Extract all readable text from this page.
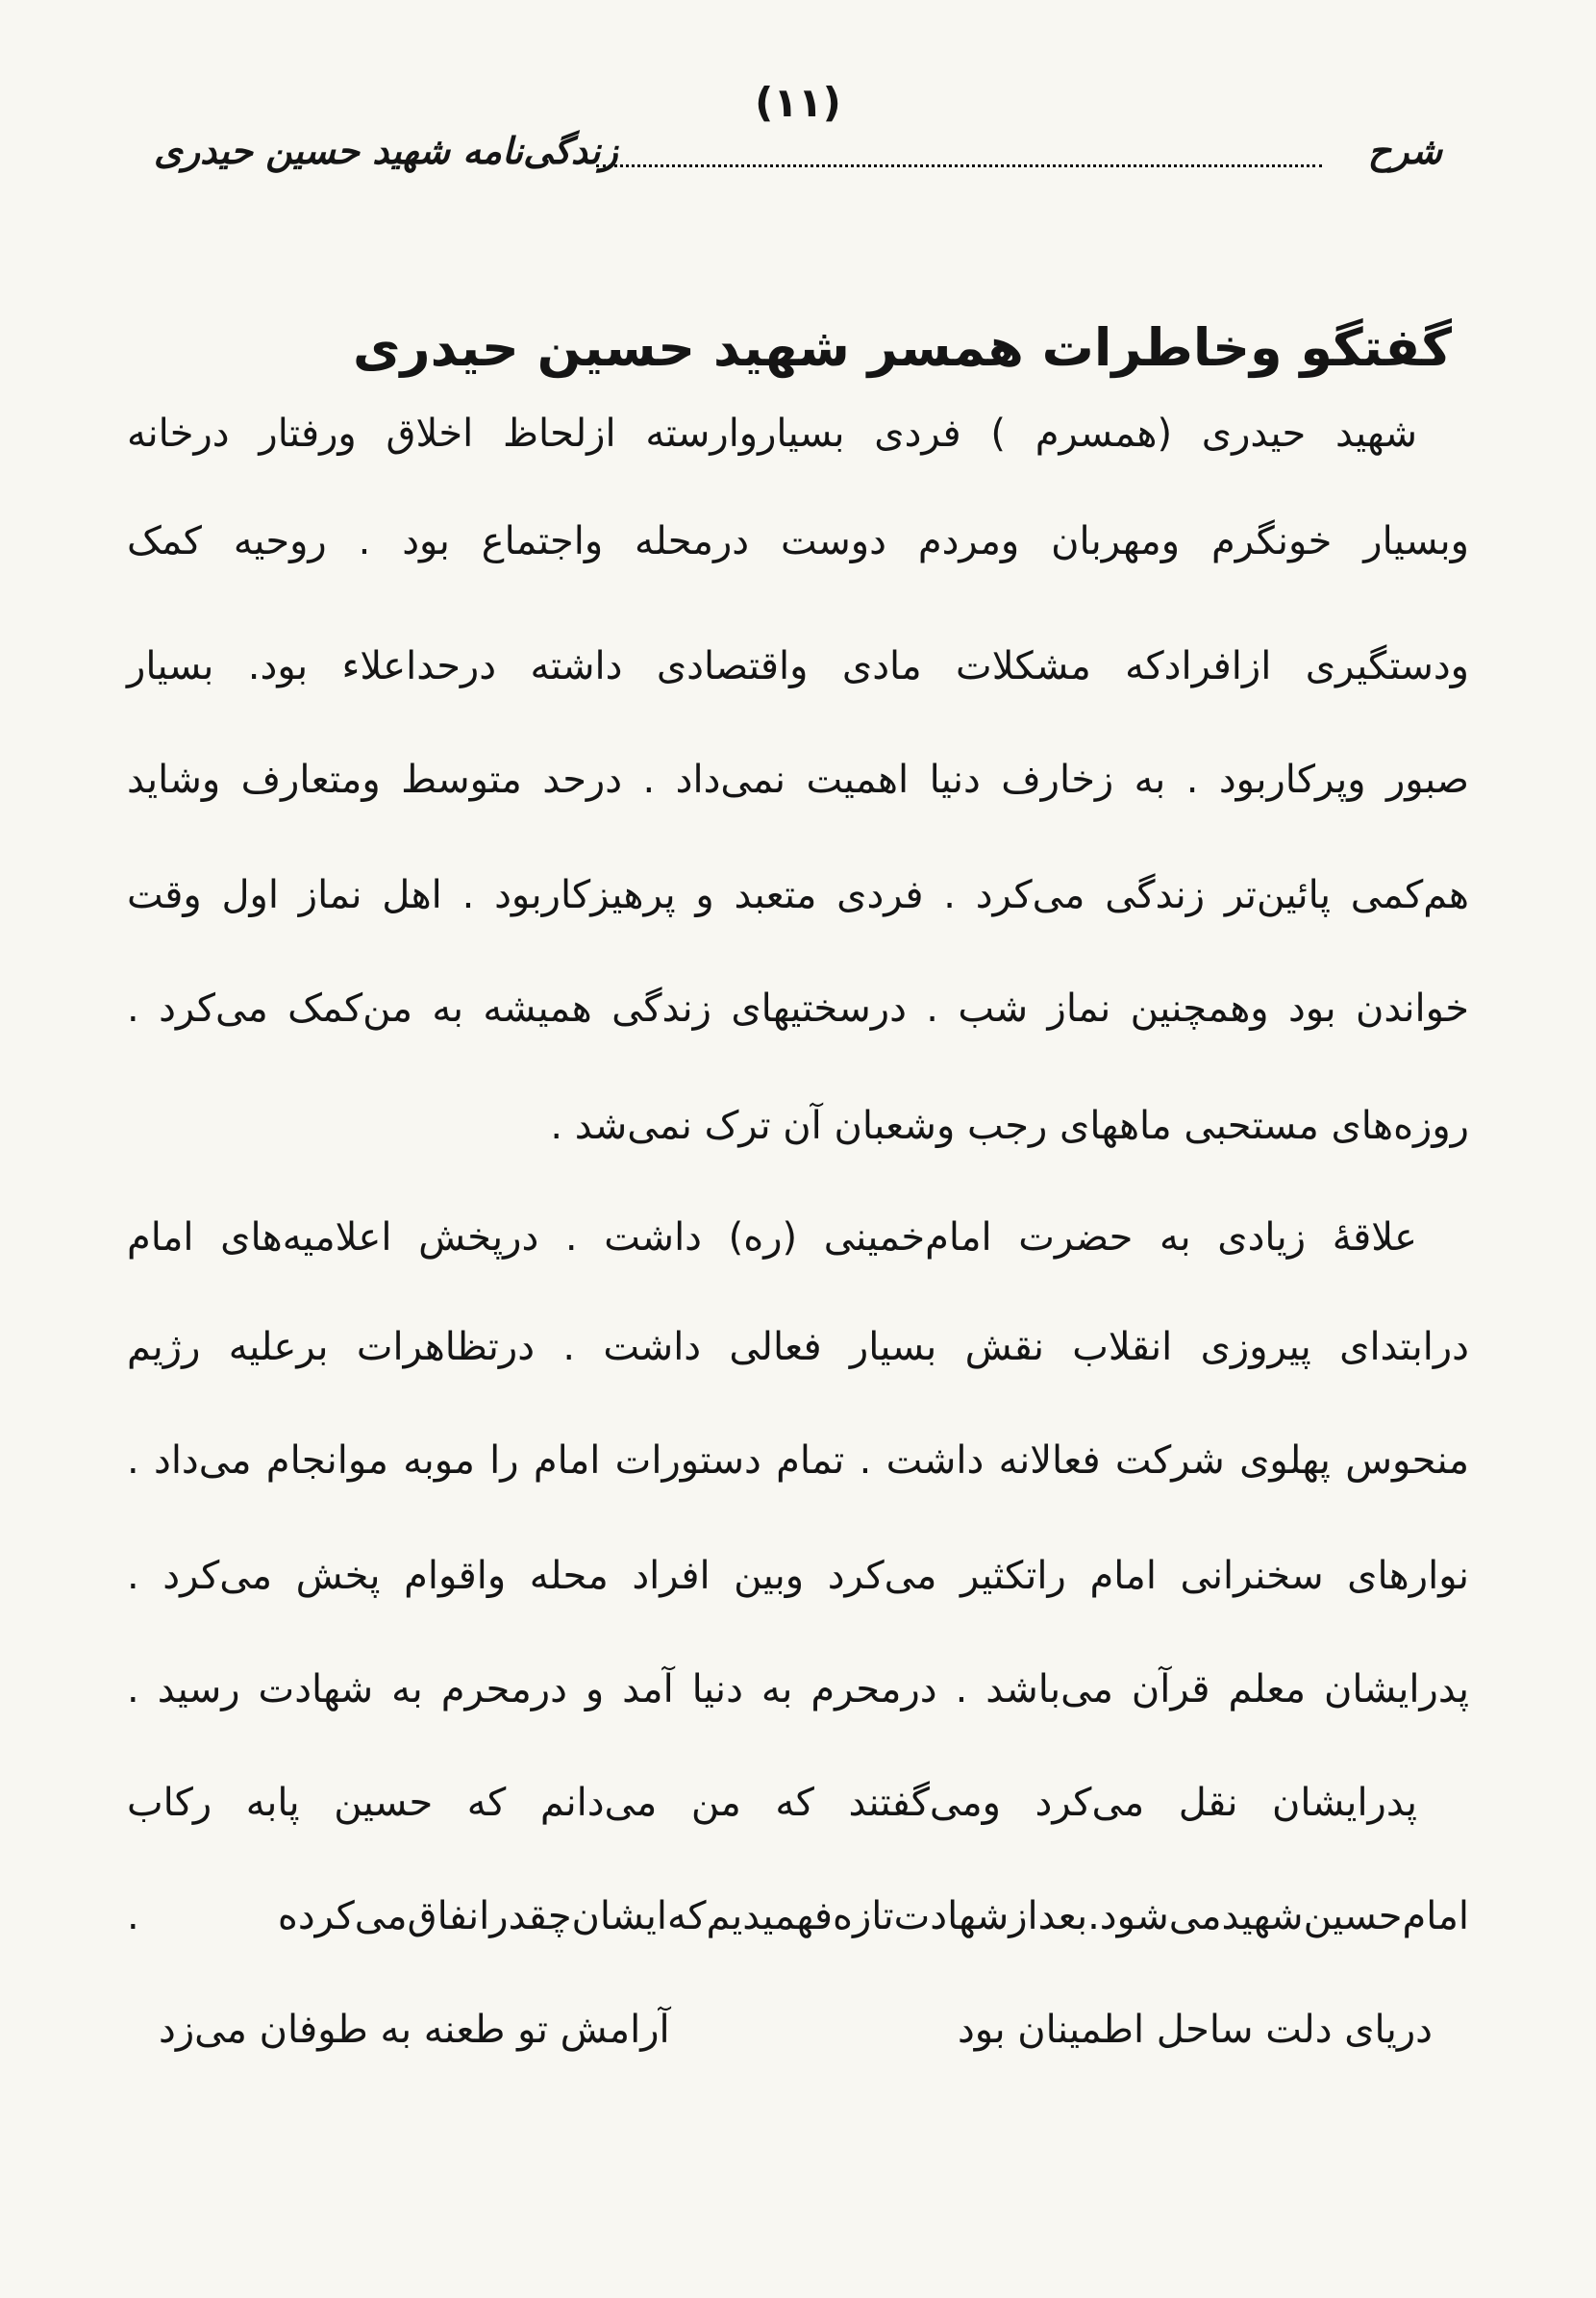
(۱۱)
شرح
زندگی‌نامه شهید حسین حیدری
گفتگو وخاطرات همسر شهید حسین حیدری
شهید حیدری (همسرم ) فردی بسیاروارسته ازلحاظ اخلاق ورفتار درخانه
وبسیار خونگرم ومهربان ومردم دوست درمحله واجتماع بود . روحیه کمک
ودستگیری ازافرادکه مشکلات مادی واقتصادی داشته درحداعلاء بود. بسیار
صبور وپرکاربود . به زخارف دنیا اهمیت نمی‌داد . درحد متوسط ومتعارف وشاید
هم‌کمی پائین‌تر زندگی می‌کرد . فردی متعبد و پرهیزکاربود . اهل نماز اول وقت
خواندن بود وهمچنین نماز شب . درسختیهای زندگی همیشه به من‌کمک می‌کرد .
روزه‌های مستحبی ماههای رجب وشعبان آن ترک نمی‌شد .
علاقهٔ زیادی به حضرت امام‌خمینی (ره) داشت . درپخش اعلامیه‌های امام
درابتدای پیروزی انقلاب نقش بسیار فعالی داشت . درتظاهرات برعلیه رژیم
منحوس پهلوی شرکت فعالانه داشت . تمام دستورات امام را موبه موانجام می‌داد .
نوارهای سخنرانی امام راتکثیر می‌کرد وبین افراد محله واقوام پخش می‌کرد .
پدرایشان معلم قرآن می‌باشد . درمحرم به دنیا آمد و درمحرم به شهادت رسید .
پدرایشان نقل می‌کرد ومی‌گفتند که من می‌دانم که حسین پابه رکاب
امام‌حسین‌شهیدمی‌شود.بعدازشهادت‌تازه‌فهمیدیم‌که‌ایشان‌چقدرانفاق‌می‌کرده .
دریای دلت ساحل اطمینان بود
آرامش تو طعنه به طوفان می‌زد
